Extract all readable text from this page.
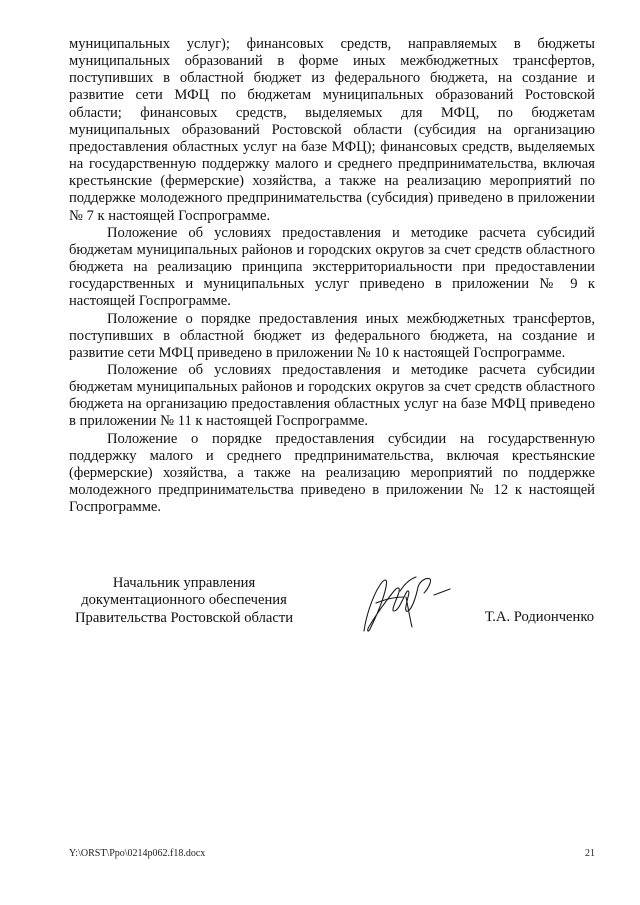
муниципальных услуг); финансовых средств, направляемых в бюджеты муниципальных образований в форме иных межбюджетных трансфертов, поступивших в областной бюджет из федерального бюджета, на создание и развитие сети МФЦ по бюджетам муниципальных образований Ростовской области; финансовых средств, выделяемых для МФЦ, по бюджетам муниципальных образований Ростовской области (субсидия на организацию предоставления областных услуг на базе МФЦ); финансовых средств, выделяемых на государственную поддержку малого и среднего предпринимательства, включая крестьянские (фермерские) хозяйства, а также на реализацию мероприятий по поддержке молодежного предпринимательства (субсидия) приведено в приложении № 7 к настоящей Госпрограмме.

Положение об условиях предоставления и методике расчета субсидий бюджетам муниципальных районов и городских округов за счет средств областного бюджета на реализацию принципа экстерриториальности при предоставлении государственных и муниципальных услуг приведено в приложении № 9 к настоящей Госпрограмме.

Положение о порядке предоставления иных межбюджетных трансфертов, поступивших в областной бюджет из федерального бюджета, на создание и развитие сети МФЦ приведено в приложении № 10 к настоящей Госпрограмме.

Положение об условиях предоставления и методике расчета субсидии бюджетам муниципальных районов и городских округов за счет средств областного бюджета на организацию предоставления областных услуг на базе МФЦ приведено в приложении № 11 к настоящей Госпрограмме.

Положение о порядке предоставления субсидии на государственную поддержку малого и среднего предпринимательства, включая крестьянские (фермерские) хозяйства, а также на реализацию мероприятий по поддержке молодежного предпринимательства приведено в приложении № 12 к настоящей Госпрограмме.

Начальник управления
документационного обеспечения
Правительства Ростовской области	Т.А. Родионченко
Y:\ORST\Ppo\0214p062.f18.docx	21
